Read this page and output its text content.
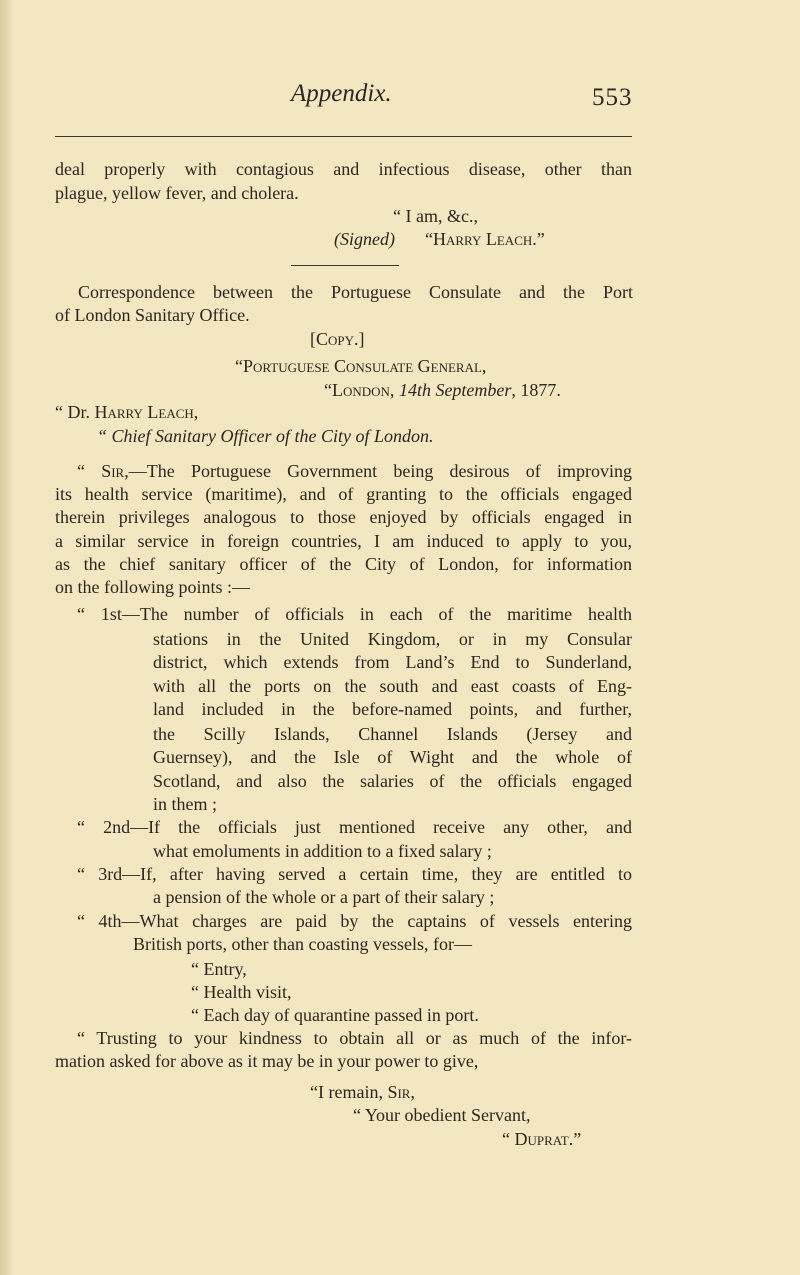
Appendix.	553
deal properly with contagious and infectious disease, other than
plague, yellow fever, and cholera.
“ I am, &c.,
(Signed) “Harry Leach.”
Correspondence between the Portuguese Consulate and the Port
of London Sanitary Office.
[Copy.]
“Portuguese Consulate General,
“London, 14th September, 1877.
“ Dr. Harry Leach,
“ Chief Sanitary Officer of the City of London.
“ Sir,—The Portuguese Government being desirous of improving
its health service (maritime), and of granting to the officials engaged
therein privileges analogous to those enjoyed by officials engaged in
a similar service in foreign countries, I am induced to apply to you,
as the chief sanitary officer of the City of London, for information
on the following points :—
“ 1st—The number of officials in each of the maritime health
stations in the United Kingdom, or in my Consular
district, which extends from Land’s End to Sunderland,
with all the ports on the south and east coasts of Eng-
land included in the before-named points, and further,
the Scilly Islands, Channel Islands (Jersey and
Guernsey), and the Isle of Wight and the whole of
Scotland, and also the salaries of the officials engaged
in them ;
“ 2nd—If the officials just mentioned receive any other, and
what emoluments in addition to a fixed salary ;
“ 3rd—If, after having served a certain time, they are entitled to
a pension of the whole or a part of their salary ;
“ 4th—What charges are paid by the captains of vessels entering
British ports, other than coasting vessels, for—
“ Entry,
“ Health visit,
“ Each day of quarantine passed in port.
“ Trusting to your kindness to obtain all or as much of the infor-
mation asked for above as it may be in your power to give,
“I remain, Sir,
“ Your obedient Servant,
“ Duprat.”
